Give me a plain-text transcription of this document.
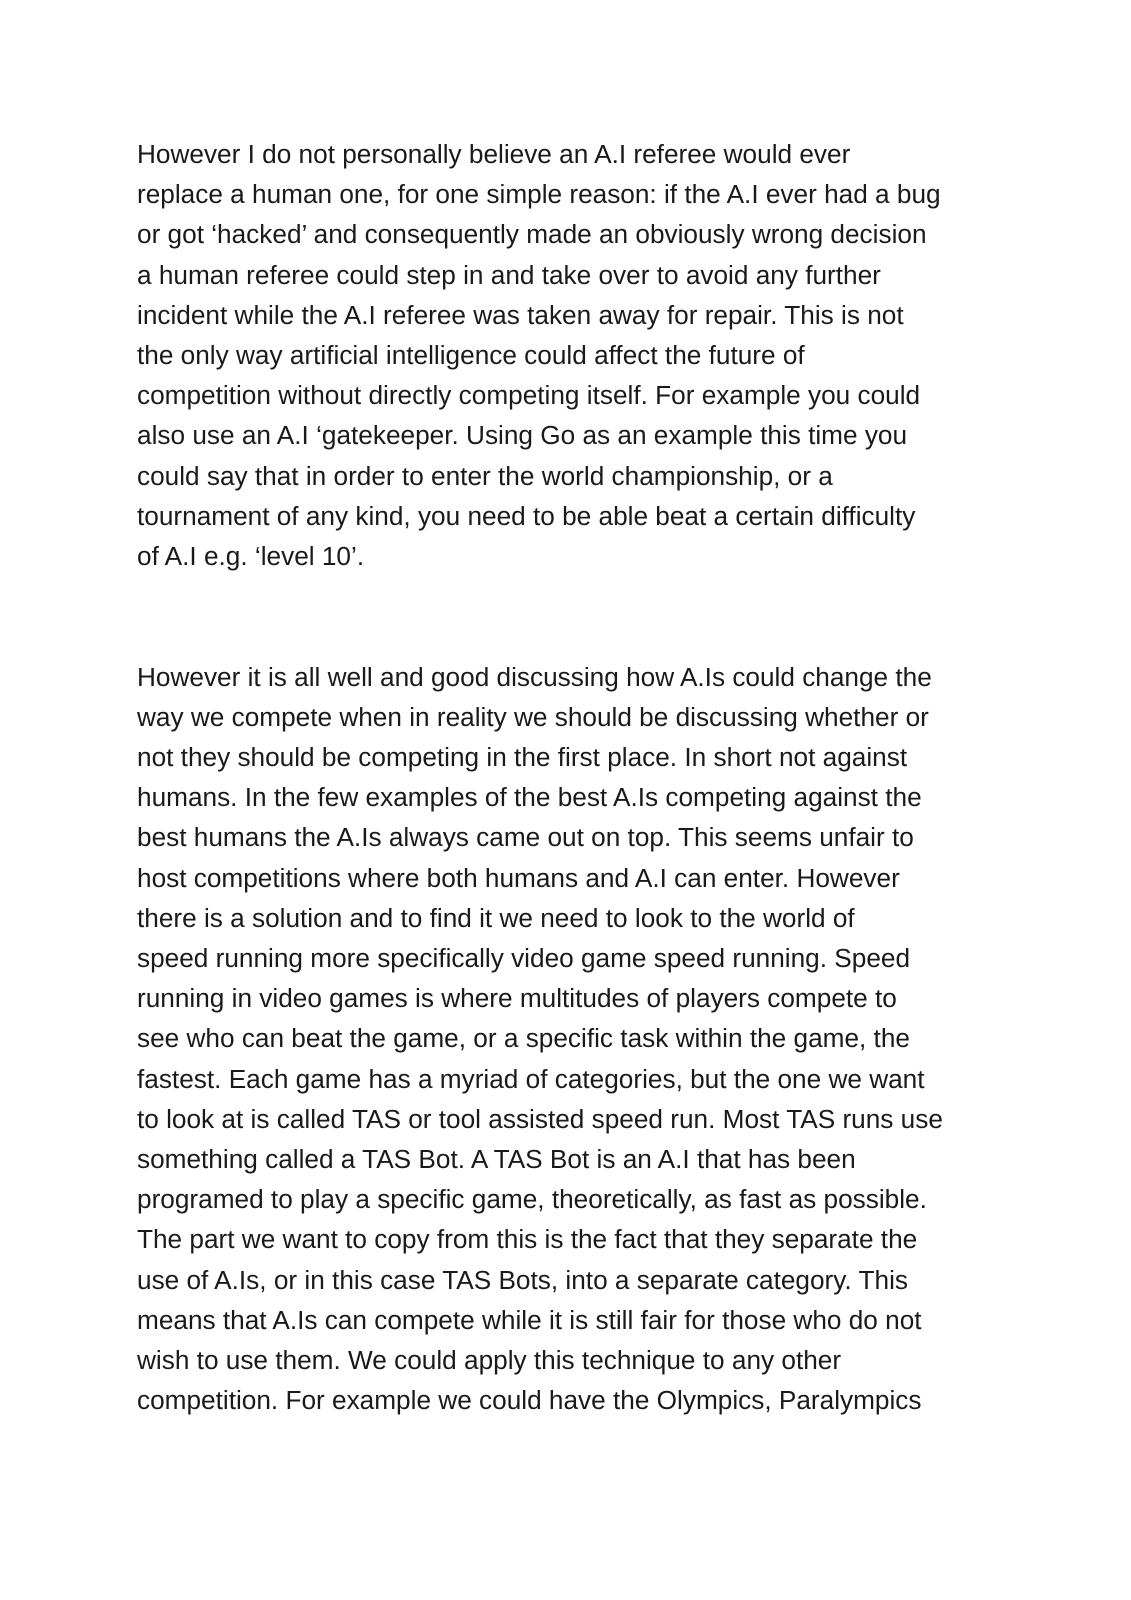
However I do not personally believe an A.I referee would ever
replace a human one, for one simple reason: if the A.I ever had a bug
or got ‘hacked’ and consequently made an obviously wrong decision
a human referee could step in and take over to avoid any further
incident while the A.I referee was taken away for repair. This is not
the only way artificial intelligence could affect the future of
competition without directly competing itself. For example you could
also use an A.I ‘gatekeeper. Using Go as an example this time you
could say that in order to enter the world championship, or a
tournament of any kind, you need to be able beat a certain difficulty
of A.I e.g. ‘level 10’.
However it is all well and good discussing how A.Is could change the
way we compete when in reality we should be discussing whether or
not they should be competing in the first place. In short not against
humans. In the few examples of the best A.Is competing against the
best humans the A.Is always came out on top. This seems unfair to
host competitions where both humans and A.I can enter. However
there is a solution and to find it we need to look to the world of
speed running more specifically video game speed running. Speed
running in video games is where multitudes of players compete to
see who can beat the game, or a specific task within the game, the
fastest. Each game has a myriad of categories, but the one we want
to look at is called TAS or tool assisted speed run. Most TAS runs use
something called a TAS Bot. A TAS Bot is an A.I that has been
programed to play a specific game, theoretically, as fast as possible.
The part we want to copy from this is the fact that they separate the
use of A.Is, or in this case TAS Bots, into a separate category. This
means that A.Is can compete while it is still fair for those who do not
wish to use them. We could apply this technique to any other
competition. For example we could have the Olympics, Paralympics
